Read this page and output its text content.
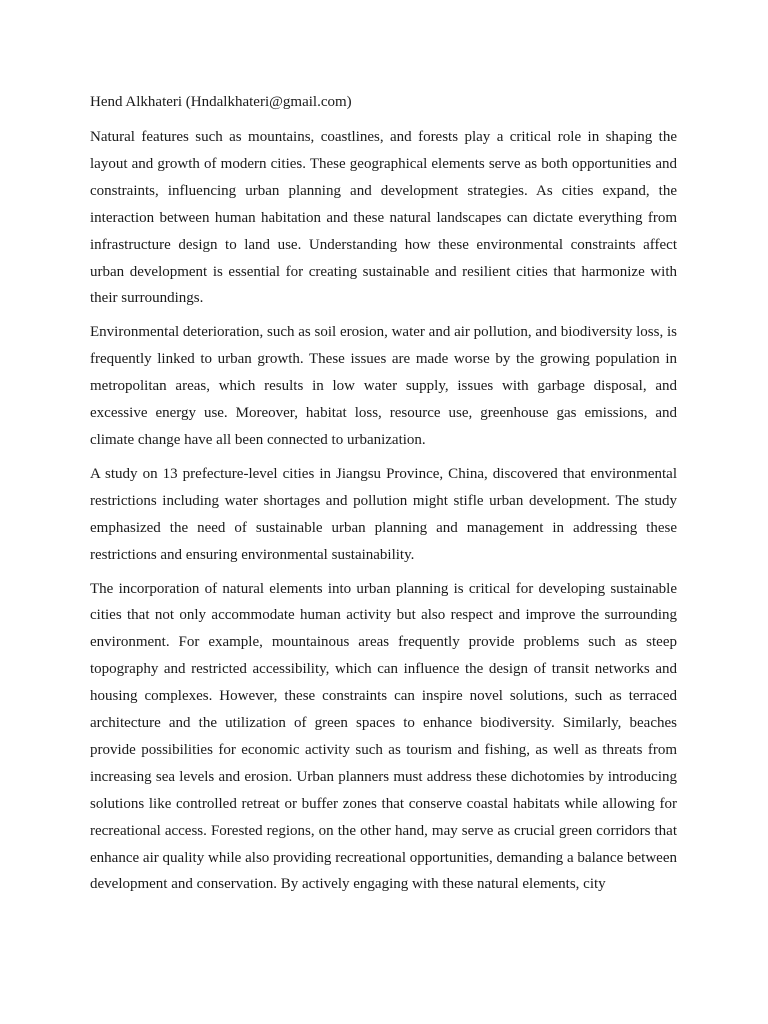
Hend Alkhateri (Hndalkhateri@gmail.com)

Natural features such as mountains, coastlines, and forests play a critical role in shaping the layout and growth of modern cities. These geographical elements serve as both opportunities and constraints, influencing urban planning and development strategies. As cities expand, the interaction between human habitation and these natural landscapes can dictate everything from infrastructure design to land use. Understanding how these environmental constraints affect urban development is essential for creating sustainable and resilient cities that harmonize with their surroundings.

Environmental deterioration, such as soil erosion, water and air pollution, and biodiversity loss, is frequently linked to urban growth. These issues are made worse by the growing population in metropolitan areas, which results in low water supply, issues with garbage disposal, and excessive energy use. Moreover, habitat loss, resource use, greenhouse gas emissions, and climate change have all been connected to urbanization.

A study on 13 prefecture-level cities in Jiangsu Province, China, discovered that environmental restrictions including water shortages and pollution might stifle urban development. The study emphasized the need of sustainable urban planning and management in addressing these restrictions and ensuring environmental sustainability.

The incorporation of natural elements into urban planning is critical for developing sustainable cities that not only accommodate human activity but also respect and improve the surrounding environment. For example, mountainous areas frequently provide problems such as steep topography and restricted accessibility, which can influence the design of transit networks and housing complexes. However, these constraints can inspire novel solutions, such as terraced architecture and the utilization of green spaces to enhance biodiversity. Similarly, beaches provide possibilities for economic activity such as tourism and fishing, as well as threats from increasing sea levels and erosion. Urban planners must address these dichotomies by introducing solutions like controlled retreat or buffer zones that conserve coastal habitats while allowing for recreational access. Forested regions, on the other hand, may serve as crucial green corridors that enhance air quality while also providing recreational opportunities, demanding a balance between development and conservation. By actively engaging with these natural elements, city
